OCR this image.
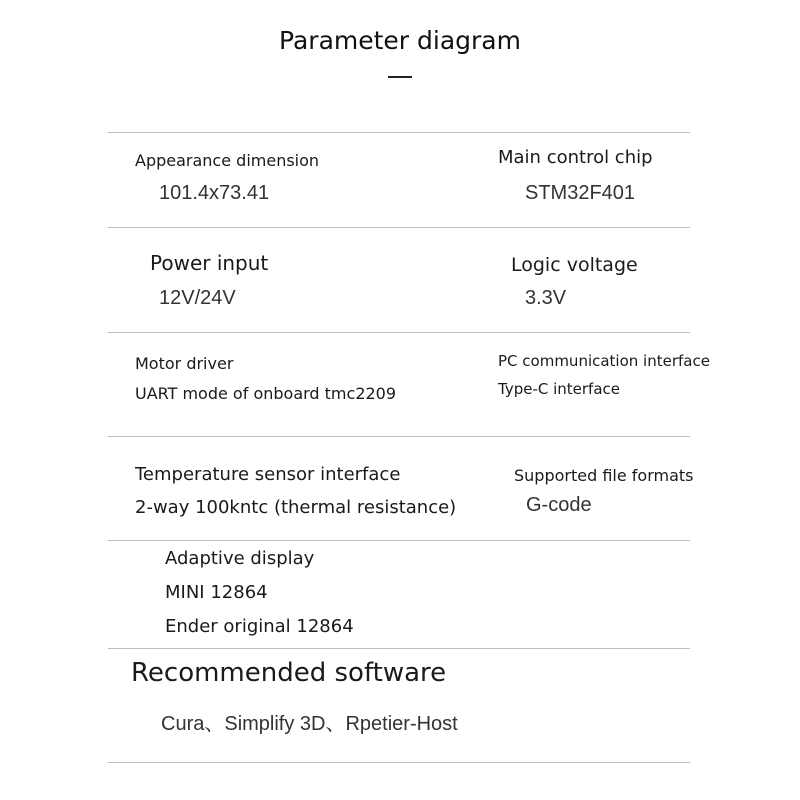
Parameter diagram
Appearance dimension
101.4x73.41
Main control chip
STM32F401
Power input
12V/24V
Logic voltage
3.3V
Motor driver
UART mode of onboard tmc2209
PC communication interface
Type-C interface
Temperature sensor interface
2-way 100kntc (thermal resistance)
Supported file formats
G-code
Adaptive display
MINI 12864
Ender original 12864
Recommended software
Cura、Simplify 3D、Rpetier-Host
